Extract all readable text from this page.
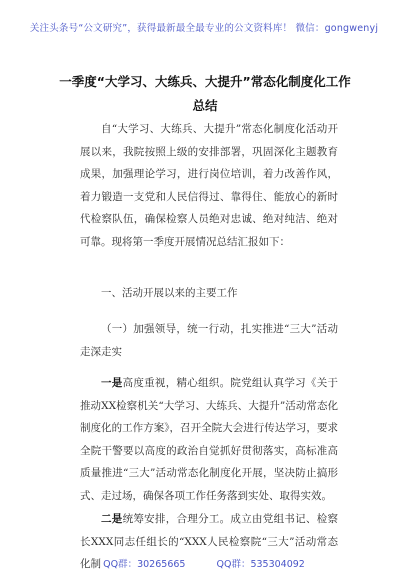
关注头条号“公文研究”，获得最新最全最专业的公文资料库！ 微信：gongwenyj
一季度“大学习、大练兵、大提升”常态化制度化工作总结
自“大学习、大练兵、大提升”常态化制度化活动开展以来，我院按照上级的安排部署，巩固深化主题教育成果，加强理论学习，进行岗位培训，着力改善作风，着力锻造一支党和人民信得过、靠得住、能放心的新时代检察队伍，确保检察人员绝对忠诚、绝对纯洁、绝对可靠。现将第一季度开展情况总结汇报如下：
一、活动开展以来的主要工作
（一）加强领导，统一行动，扎实推进“三大”活动走深走实
一是高度重视，精心组织。院党组认真学习《关于推动XX检察机关“大学习、大练兵、大提升”活动常态化制度化的工作方案》，召开全院大会进行传达学习，要求全院干警要以高度的政治自觉抓好贯彻落实，高标准高质量推进“三大”活动常态化制度化开展，坚决防止搞形式、走过场，确保各项工作任务落到实处、取得实效。
二是统筹安排，合理分工。成立由党组书记、检察长XXX同志任组长的“XXX人民检察院“三大”活动常态化制 QQ群：30265665	QQ群：535304092
